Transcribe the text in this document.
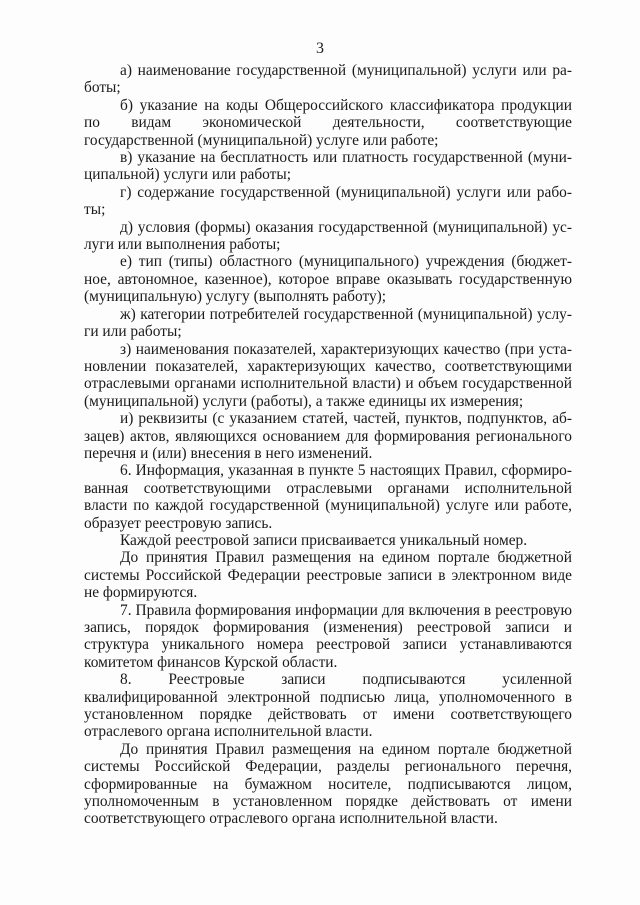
3

а) наименование государственной (муниципальной) услуги или работы;

б) указание на коды Общероссийского классификатора продукции по видам экономической деятельности, соответствующие государственной (муниципальной) услуге или работе;

в) указание на бесплатность или платность государственной (муниципальной) услуги или работы;

г) содержание государственной (муниципальной) услуги или работы;

д) условия (формы) оказания государственной (муниципальной) услуги или выполнения работы;

е) тип (типы) областного (муниципального) учреждения (бюджетное, автономное, казенное), которое вправе оказывать государственную (муниципальную) услугу (выполнять работу);

ж) категории потребителей государственной (муниципальной) услуги или работы;

з) наименования показателей, характеризующих качество (при установлении показателей, характеризующих качество, соответствующими отраслевыми органами исполнительной власти) и объем государственной (муниципальной) услуги (работы), а также единицы их измерения;

и) реквизиты (с указанием статей, частей, пунктов, подпунктов, абзацев) актов, являющихся основанием для формирования регионального перечня и (или) внесения в него изменений.

6. Информация, указанная в пункте 5 настоящих Правил, сформированная соответствующими отраслевыми органами исполнительной власти по каждой государственной (муниципальной) услуге или работе, образует реестровую запись.

Каждой реестровой записи присваивается уникальный номер.

До принятия Правил размещения на едином портале бюджетной системы Российской Федерации реестровые записи в электронном виде не формируются.

7. Правила формирования информации для включения в реестровую запись, порядок формирования (изменения) реестровой записи и структура уникального номера реестровой записи устанавливаются комитетом финансов Курской области.

8. Реестровые записи подписываются усиленной квалифицированной электронной подписью лица, уполномоченного в установленном порядке действовать от имени соответствующего отраслевого органа исполнительной власти.

До принятия Правил размещения на едином портале бюджетной системы Российской Федерации, разделы регионального перечня, сформированные на бумажном носителе, подписываются лицом, уполномоченным в установленном порядке действовать от имени соответствующего отраслевого органа исполнительной власти.
